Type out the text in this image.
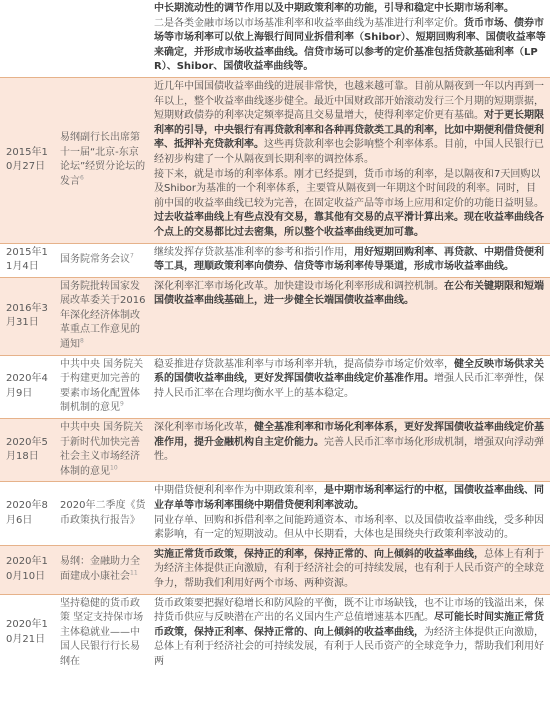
		中长期流动性的调节作用以及中期政策利率的功能，引导和稳定中长期市场利率。
二是各类金融市场以市场基准利率和收益率曲线为基准进行利率定价。货币市场、债券市场等市场利率可以依上海银行间同业拆借利率（Shibor）、短期回购利率、国债收益率等来确定，并形成市场收益率曲线。信贷市场可以参考的定价基准包括贷款基础利率（LPR）、Shibor、国债收益率曲线等。
2015年10月27日	易纲副行长出席第十一届“北京-东京论坛”经贸分论坛的发言$^6$	近几年中国国债收益率曲线的进展非常快，也越来越可靠。目前从隔夜到一年以内再到一年以上，整个收益率曲线逐步健全。最近中国财政部开始滚动发行三个月期的短期票据，短期财政债券的利率决定频率提高且交易量增大，使得利率定价更有基础。对于更长期限利率的引导，中央银行有再贷款利率和各种再贷款类工具的利率，比如中期便利借贷便利率、抵押补充贷款利率。这些再贷款利率也会影响整个利率体系。目前，中国人民银行已经初步构建了一个从隔夜到长期利率的调控体系。
接下来，就是市场的利率体系。刚才已经提到，货币市场的利率，是以隔夜和7天回购以及Shibor为基准的一个利率体系，主要管从隔夜到一年期这个时间段的利率。同时，目前中国的收益率曲线已较为完善，在固定收益产品等市场上应用和定价的功能日益明显。过去收益率曲线上有些点没有交易，靠其他有交易的点平滑计算出来。现在收益率曲线各个点上的交易都比过去密集，所以整个收益率曲线更加可靠。
2015年11月4日	国务院常务会议$^7$	继续发挥存贷款基准利率的参考和指引作用，用好短期回购利率、再贷款、中期借贷便利等工具，理顺政策利率向债券、信贷等市场利率传导渠道，形成市场收益率曲线。
2016年3月31日	国务院批转国家发展改革委关于2016年深化经济体制改革重点工作意见的通知$^8$	深化利率汇率市场化改革。加快建设市场化利率形成和调控机制。在公布关键期限和短端国债收益率曲线基础上，进一步健全长端国债收益率曲线。
2020年4月9日	中共中央 国务院关于构建更加完善的要素市场化配置体制机制的意见$^9$	稳妥推进存贷款基准利率与市场利率并轨，提高债券市场定价效率，健全反映市场供求关系的国债收益率曲线，更好发挥国债收益率曲线定价基准作用。增强人民币汇率弹性，保持人民币汇率在合理均衡水平上的基本稳定。
2020年5月18日	中共中央 国务院关于新时代加快完善社会主义市场经济体制的意见$^{10}$	深化利率市场化改革，健全基准利率和市场化利率体系，更好发挥国债收益率曲线定价基准作用，提升金融机构自主定价能力。完善人民币汇率市场化形成机制，增强双向浮动弹性。
2020年8月6日	2020年二季度《货币政策执行报告》	中期借贷便利利率作为中期政策利率，是中期市场利率运行的中枢，国债收益率曲线、同业存单等市场利率围绕中期借贷便利利率波动。
同业存单、回购和拆借利率之间能跨通资本、市场利率、以及国债收益率曲线，受多种因素影响，有一定的短期波动。但从中长期看，大体也是围绕央行政策利率波动的。
2020年10月10日	易纲：金融助力全面建成小康社会$^{11}$	实施正常货币政策，保持正的利率，保持正常的、向上倾斜的收益率曲线，总体上有利于为经济主体提供正向激励，有利于经济社会的可持续发展，也有利于人民币资产的全球竞争力，帮助我们利用好两个市场、两种资源。
2020年10月21日	坚持稳健的货币政策 坚定支持保市场主体稳就业——中国人民银行行长易纲在	货币政策要把握好稳增长和防风险的平衡，既不让市场缺钱，也不让市场的钱溢出来，保持货币供应与反映潜在产出的名义国内生产总值增速基本匹配。尽可能长时间实施正常货币政策，保持正利率、保持正常的、向上倾斜的收益率曲线，为经济主体提供正向激励，总体上有利于经济社会的可持续发展，有利于人民币资产的全球竞争力，帮助我们利用好两
